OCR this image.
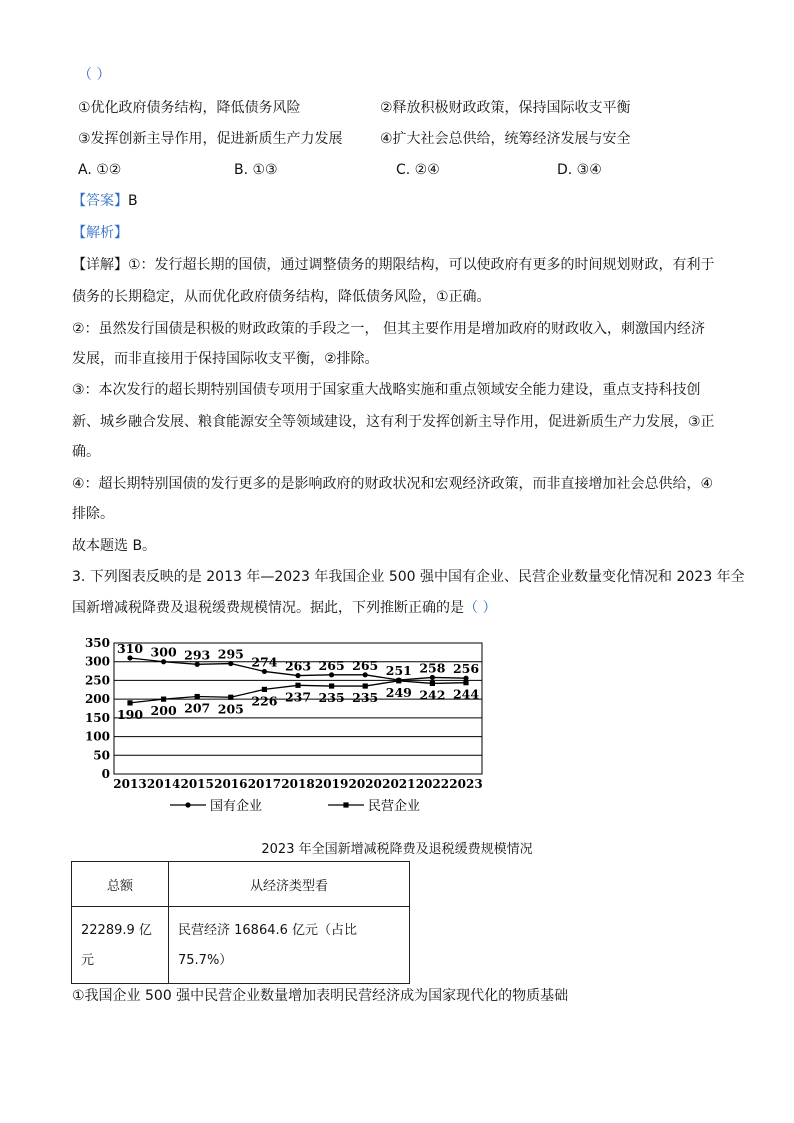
（ ）
①优化政府债务结构，降低债务风险	②释放积极财政政策，保持国际收支平衡
③发挥创新主导作用，促进新质生产力发展	④扩大社会总供给，统筹经济发展与安全
A. ①②	B. ①③	C. ②④	D. ③④
【答案】B
【解析】
【详解】①：发行超长期的国债，通过调整债务的期限结构，可以使政府有更多的时间规划财政，有利于
债务的长期稳定，从而优化政府债务结构，降低债务风险，①正确。
②：虽然发行国债是积极的财政政策的手段之一， 但其主要作用是增加政府的财政收入，刺激国内经济
发展，而非直接用于保持国际收支平衡，②排除。
③：本次发行的超长期特别国债专项用于国家重大战略实施和重点领域安全能力建设，重点支持科技创
新、城乡融合发展、粮食能源安全等领域建设，这有利于发挥创新主导作用，促进新质生产力发展，③正
确。
④：超长期特别国债的发行更多的是影响政府的财政状况和宏观经济政策，而非直接增加社会总供给，④
排除。
故本题选 B。
3. 下列图表反映的是 2013 年—2023 年我国企业 500 强中国有企业、民营企业数量变化情况和 2023 年全
国新增减税降费及退税缓费规模情况。据此，下列推断正确的是（ ）
0
50
100
150
200
250
300
350
2013 2014 2015 2016 2017 2018 2019 2020 2021 2022 2023
310 300 293 295
274 263 265 265 251 258 256
190 200 207 205
226 237 235 235 249 242 244
国有企业	民营企业
2023 年全国新增减税降费及退税缓费规模情况
总额	从经济类型看

22289.9 亿元	民营经济 16864.6 亿元（占比 75.7%）
①我国企业 500 强中民营企业数量增加表明民营经济成为国家现代化的物质基础
